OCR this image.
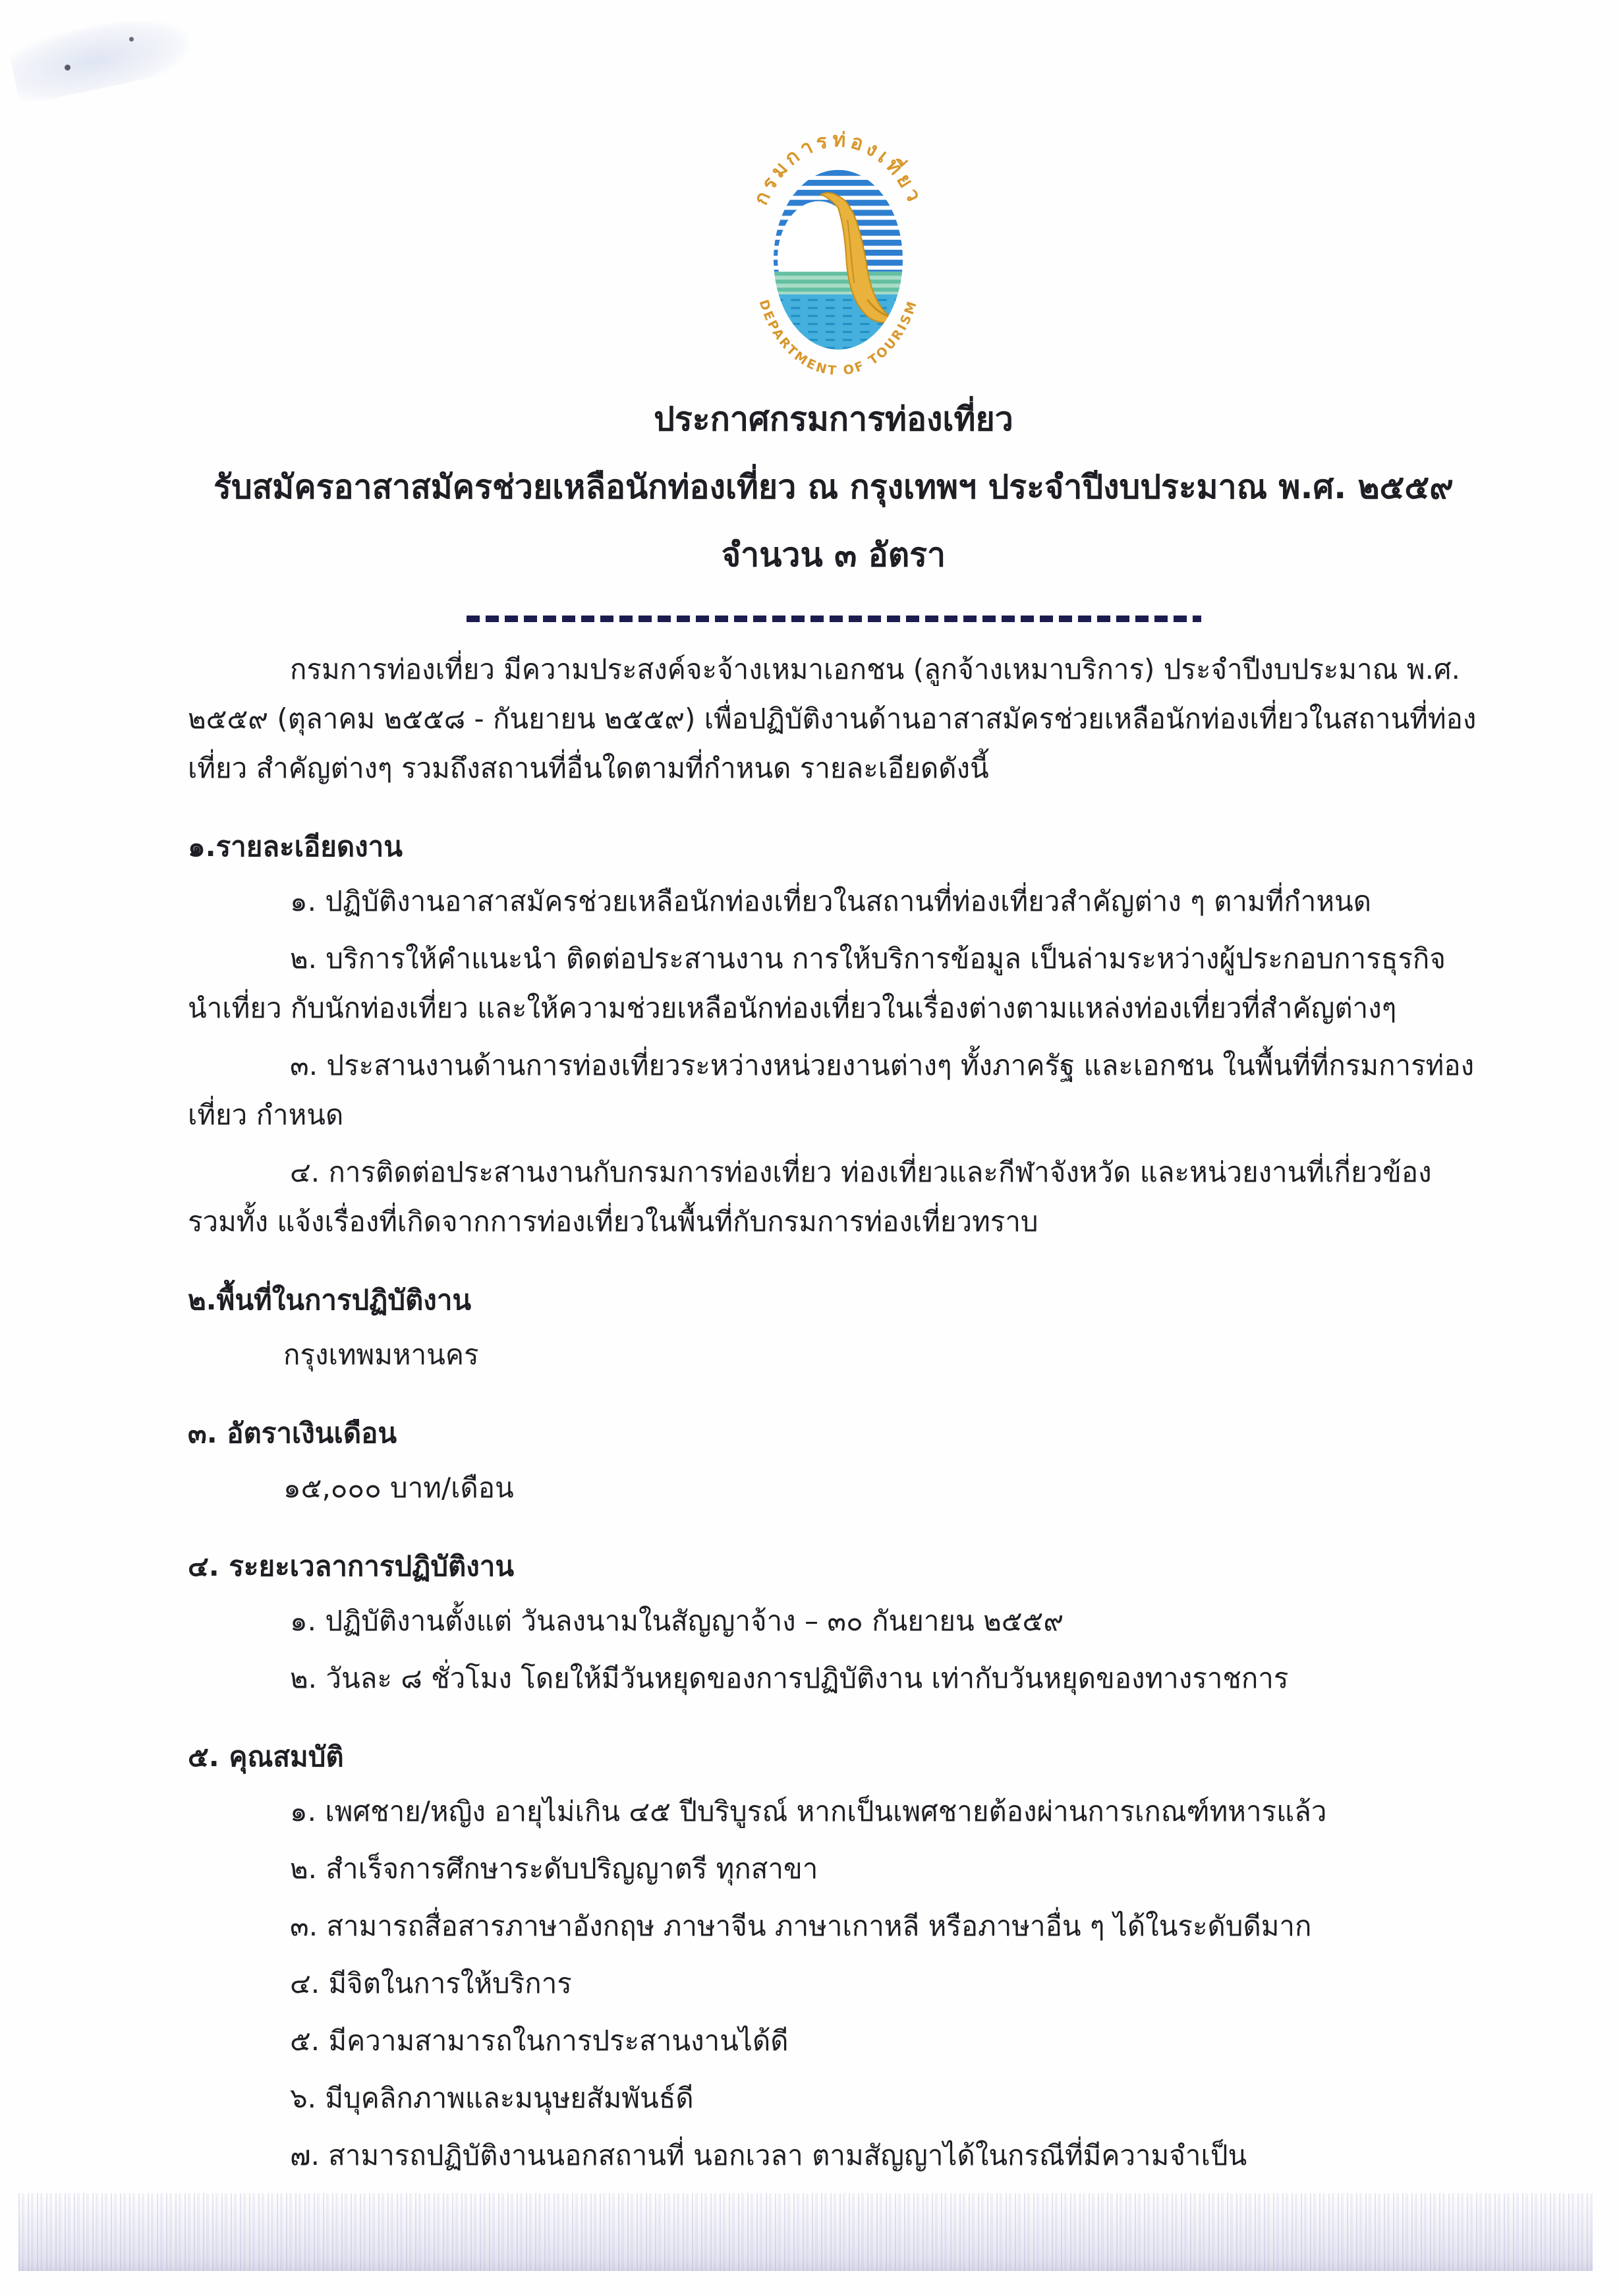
กรมการท่องเที่ยว
DEPARTMENT OF TOURISM
ประกาศกรมการท่องเที่ยว
รับสมัครอาสาสมัครช่วยเหลือนักท่องเที่ยว ณ กรุงเทพฯ ประจำปีงบประมาณ พ.ศ. ๒๕๕๙
จำนวน ๓ อัตรา

กรมการท่องเที่ยว มีความประสงค์จะจ้างเหมาเอกชน (ลูกจ้างเหมาบริการ) ประจำปีงบประมาณ พ.ศ. ๒๕๕๙ (ตุลาคม ๒๕๕๘ - กันยายน ๒๕๕๙) เพื่อปฏิบัติงานด้านอาสาสมัครช่วยเหลือนักท่องเที่ยวในสถานที่ท่องเที่ยว สำคัญต่างๆ รวมถึงสถานที่อื่นใดตามที่กำหนด รายละเอียดดังนี้

๑.รายละเอียดงาน

๑. ปฏิบัติงานอาสาสมัครช่วยเหลือนักท่องเที่ยวในสถานที่ท่องเที่ยวสำคัญต่าง ๆ ตามที่กำหนด

๒. บริการให้คำแนะนำ ติดต่อประสานงาน การให้บริการข้อมูล เป็นล่ามระหว่างผู้ประกอบการธุรกิจนำเที่ยว กับนักท่องเที่ยว และให้ความช่วยเหลือนักท่องเที่ยวในเรื่องต่างตามแหล่งท่องเที่ยวที่สำคัญต่างๆ

๓. ประสานงานด้านการท่องเที่ยวระหว่างหน่วยงานต่างๆ ทั้งภาครัฐ และเอกชน ในพื้นที่ที่กรมการท่องเที่ยว กำหนด

๔. การติดต่อประสานงานกับกรมการท่องเที่ยว ท่องเที่ยวและกีฬาจังหวัด และหน่วยงานที่เกี่ยวข้อง รวมทั้ง แจ้งเรื่องที่เกิดจากการท่องเที่ยวในพื้นที่กับกรมการท่องเที่ยวทราบ

๒.พื้นที่ในการปฏิบัติงาน

กรุงเทพมหานคร

๓. อัตราเงินเดือน

๑๕,๐๐๐ บาท/เดือน

๔. ระยะเวลาการปฏิบัติงาน

๑. ปฏิบัติงานตั้งแต่ วันลงนามในสัญญาจ้าง – ๓๐ กันยายน ๒๕๕๙

๒. วันละ ๘ ชั่วโมง โดยให้มีวันหยุดของการปฏิบัติงาน เท่ากับวันหยุดของทางราชการ

๕. คุณสมบัติ

๑. เพศชาย/หญิง อายุไม่เกิน ๔๕ ปีบริบูรณ์ หากเป็นเพศชายต้องผ่านการเกณฑ์ทหารแล้ว

๒. สำเร็จการศึกษาระดับปริญญาตรี ทุกสาขา

๓. สามารถสื่อสารภาษาอังกฤษ ภาษาจีน ภาษาเกาหลี หรือภาษาอื่น ๆ ได้ในระดับดีมาก

๔. มีจิตในการให้บริการ

๕. มีความสามารถในการประสานงานได้ดี

๖. มีบุคลิกภาพและมนุษยสัมพันธ์ดี

๗. สามารถปฏิบัติงานนอกสถานที่ นอกเวลา ตามสัญญาได้ในกรณีที่มีความจำเป็น
